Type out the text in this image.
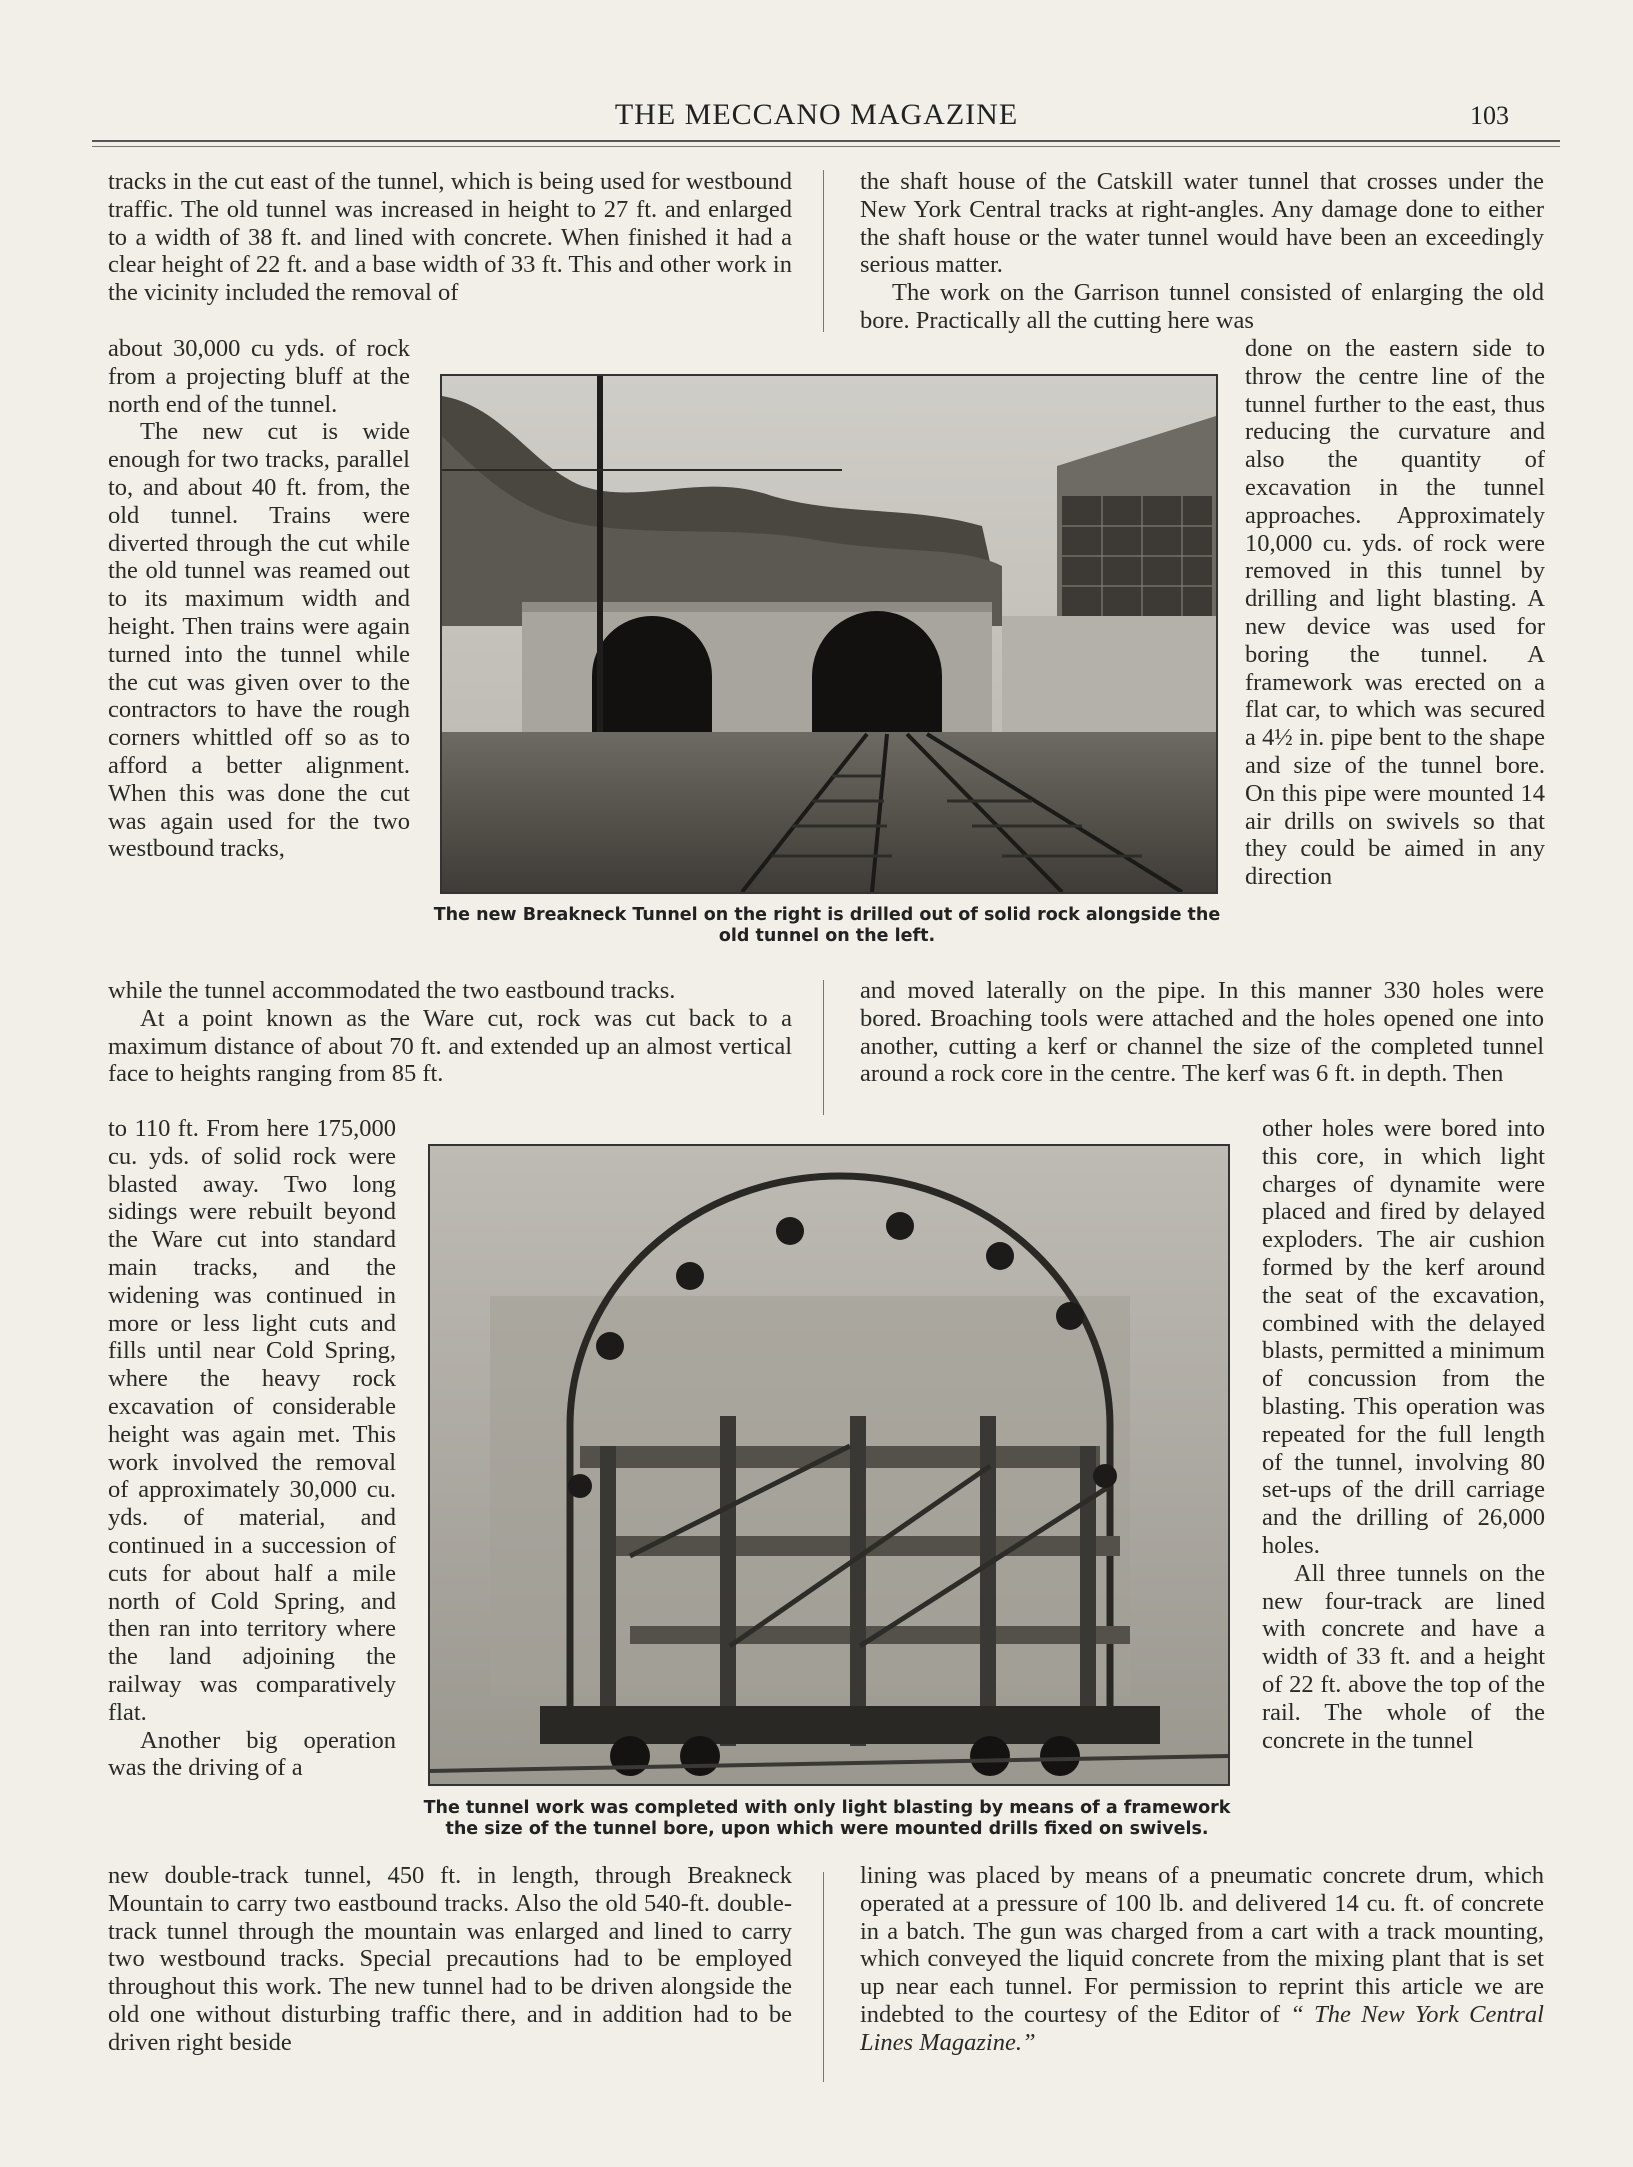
THE MECCANO MAGAZINE	103

tracks in the cut east of the tunnel, which is being used for westbound traffic. The old tunnel was increased in height to 27 ft. and enlarged to a width of 38 ft. and lined with concrete. When finished it had a clear height of 22 ft. and a base width of 33 ft. This and other work in the vicinity included the removal of

about 30,000 cu yds. of rock from a projecting bluff at the north end of the tunnel.

The new cut is wide enough for two tracks, parallel to, and about 40 ft. from, the old tunnel. Trains were diverted through the cut while the old tunnel was reamed out to its maximum width and height. Then trains were again turned into the tunnel while the cut was given over to the contractors to have the rough corners whittled off so as to afford a better alignment. When this was done the cut was again used for the two westbound tracks,

while the tunnel accommodated the two eastbound tracks.

At a point known as the Ware cut, rock was cut back to a maximum distance of about 70 ft. and extended up an almost vertical face to heights ranging from 85 ft.

to 110 ft. From here 175,000 cu. yds. of solid rock were blasted away. Two long sidings were rebuilt beyond the Ware cut into standard main tracks, and the widening was continued in more or less light cuts and fills until near Cold Spring, where the heavy rock excavation of considerable height was again met. This work involved the removal of approximately 30,000 cu. yds. of material, and continued in a succession of cuts for about half a mile north of Cold Spring, and then ran into territory where the land adjoining the railway was comparatively flat.

Another big operation was the driving of a

new double-track tunnel, 450 ft. in length, through Breakneck Mountain to carry two eastbound tracks. Also the old 540-ft. double-track tunnel through the mountain was enlarged and lined to carry two westbound tracks. Special precautions had to be employed throughout this work. The new tunnel had to be driven alongside the old one without disturbing traffic there, and in addition had to be driven right beside

the shaft house of the Catskill water tunnel that crosses under the New York Central tracks at right-angles. Any damage done to either the shaft house or the water tunnel would have been an exceedingly serious matter.

The work on the Garrison tunnel consisted of enlarging the old bore. Practically all the cutting here was

done on the eastern side to throw the centre line of the tunnel further to the east, thus reducing the curvature and also the quantity of excavation in the tunnel approaches. Approximately 10,000 cu. yds. of rock were removed in this tunnel by drilling and light blasting. A new device was used for boring the tunnel. A framework was erected on a flat car, to which was secured a 4½ in. pipe bent to the shape and size of the tunnel bore. On this pipe were mounted 14 air drills on swivels so that they could be aimed in any direction

and moved laterally on the pipe. In this manner 330 holes were bored. Broaching tools were attached and the holes opened one into another, cutting a kerf or channel the size of the completed tunnel around a rock core in the centre. The kerf was 6 ft. in depth. Then

other holes were bored into this core, in which light charges of dynamite were placed and fired by delayed exploders. The air cushion formed by the kerf around the seat of the excavation, combined with the delayed blasts, permitted a minimum of concussion from the blasting. This operation was repeated for the full length of the tunnel, involving 80 set-ups of the drill carriage and the drilling of 26,000 holes.

All three tunnels on the new four-track are lined with concrete and have a width of 33 ft. and a height of 22 ft. above the top of the rail. The whole of the concrete in the tunnel

lining was placed by means of a pneumatic concrete drum, which operated at a pressure of 100 lb. and delivered 14 cu. ft. of concrete in a batch. The gun was charged from a cart with a track mounting, which conveyed the liquid concrete from the mixing plant that is set up near each tunnel. For permission to reprint this article we are indebted to the courtesy of the Editor of “ The New York Central Lines Magazine.”

The new Breakneck Tunnel on the right is drilled out of solid rock alongside the old tunnel on the left.
The tunnel work was completed with only light blasting by means of a framework the size of the tunnel bore, upon which were mounted drills fixed on swivels.
